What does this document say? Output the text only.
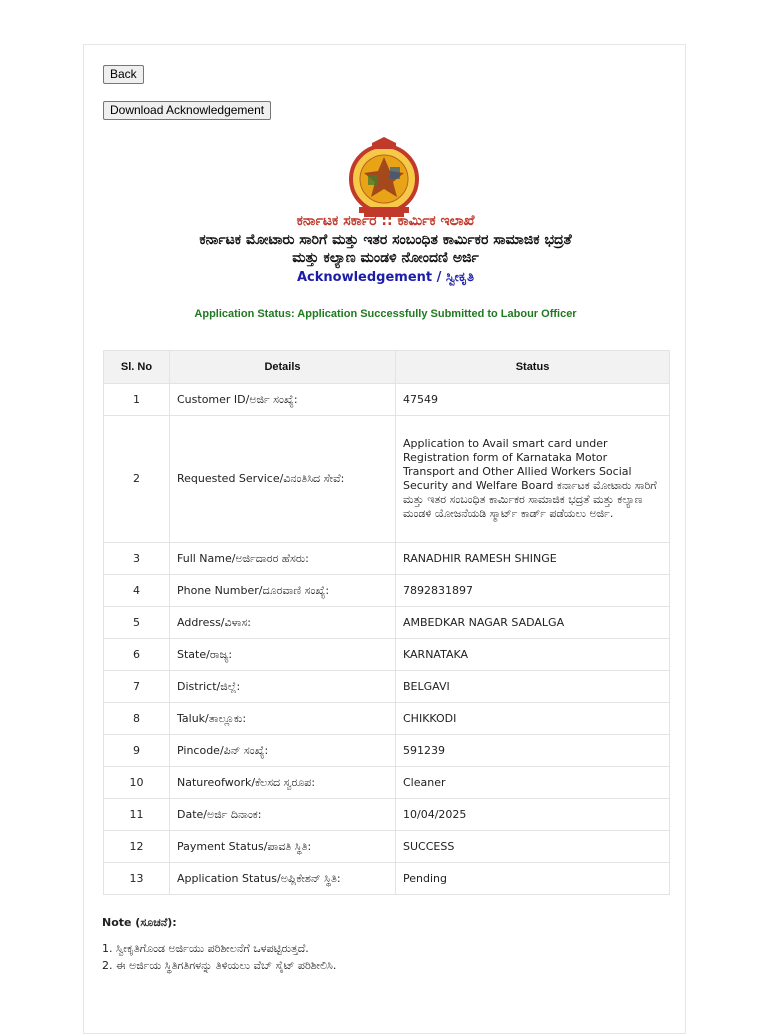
Back
Download Acknowledgement
ಕರ್ನಾಟಕ ಸರ್ಕಾರ :: ಕಾರ್ಮಿಕ ಇಲಾಖೆ
ಕರ್ನಾಟಕ ಮೋಟಾರು ಸಾರಿಗೆ ಮತ್ತು ಇತರ ಸಂಬಂಧಿತ ಕಾರ್ಮಿಕರ ಸಾಮಾಜಿಕ ಭದ್ರತೆ
ಮತ್ತು ಕಲ್ಯಾಣ ಮಂಡಳಿ ನೋಂದಣಿ ಅರ್ಜಿ
Acknowledgement / ಸ್ವೀಕೃತಿ
Application Status: Application Successfully Submitted to Labour Officer
Sl. No	Details	Status
1	Customer ID/ಅರ್ಜಿ ಸಂಖ್ಯೆ:	47549
2	Requested Service/ವಿನಂತಿಸಿದ ಸೇವೆ:	Application to Avail smart card under Registration form of Karnataka Motor Transport and Other Allied Workers Social Security and Welfare Board ಕರ್ನಾಟಕ ಮೋಟಾರು ಸಾರಿಗೆ ಮತ್ತು ಇತರ ಸಂಬಂಧಿತ ಕಾರ್ಮಿಕರ ಸಾಮಾಜಿಕ ಭದ್ರತೆ ಮತ್ತು ಕಲ್ಯಾಣ ಮಂಡಳಿ ಯೋಜನೆಯಡಿ ಸ್ಮಾರ್ಟ್ ಕಾರ್ಡ್ ಪಡೆಯಲು ಅರ್ಜಿ.
3	Full Name/ಅರ್ಜಿದಾರರ ಹೆಸರು:	RANADHIR RAMESH SHINGE
4	Phone Number/ದೂರವಾಣಿ ಸಂಖ್ಯೆ:	7892831897
5	Address/ವಿಳಾಸ:	AMBEDKAR NAGAR SADALGA
6	State/ರಾಜ್ಯ:	KARNATAKA
7	District/ಜಿಲ್ಲೆ:	BELGAVI
8	Taluk/ತಾಲ್ಲೂಕು:	CHIKKODI
9	Pincode/ಪಿನ್ ಸಂಖ್ಯೆ:	591239
10	Natureofwork/ಕೆಲಸದ ಸ್ವರೂಪ:	Cleaner
11	Date/ಅರ್ಜಿ ದಿನಾಂಕ:	10/04/2025
12	Payment Status/ಪಾವತಿ ಸ್ಥಿತಿ:	SUCCESS
13	Application Status/ಅಪ್ಲಿಕೇಶನ್ ಸ್ಥಿತಿ:	Pending
Note (ಸೂಚನೆ):
1. ಸ್ವೀಕೃತಿಗೊಂಡ ಅರ್ಜಿಯು ಪರಿಶೀಲನೆಗೆ ಒಳಪಟ್ಟಿರುತ್ತದೆ.
2. ಈ ಅರ್ಜಿಯ ಸ್ಥಿತಿಗತಿಗಳನ್ನು ತಿಳಿಯಲು ವೆಬ್ ಸೈಟ್ ಪರಿಶೀಲಿಸಿ.
